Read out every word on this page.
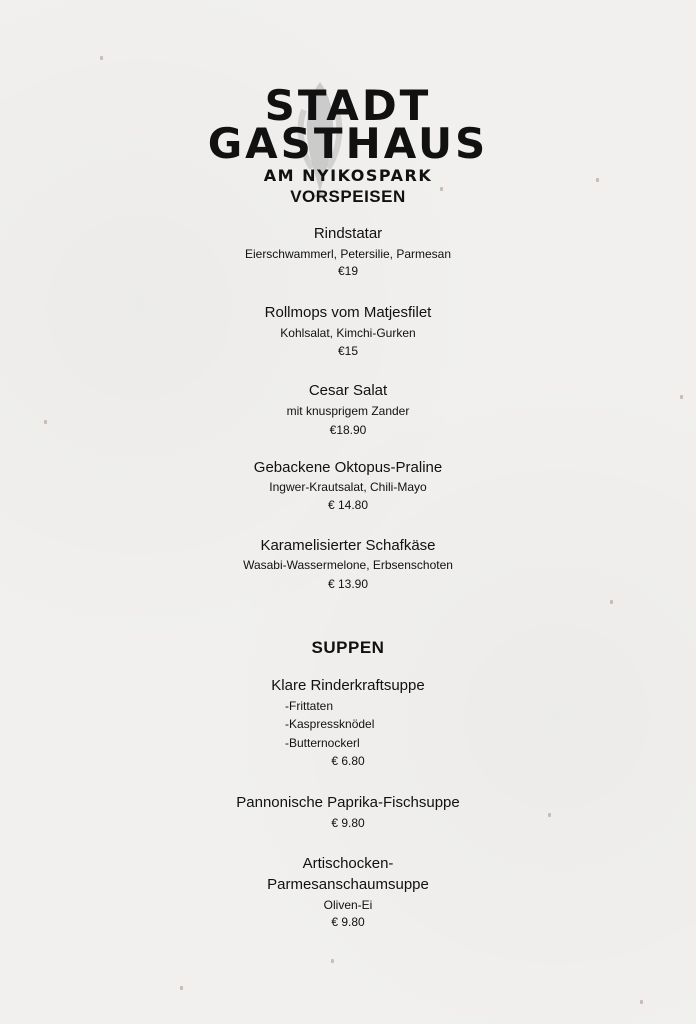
STADT
GASTHAUS
AM NYIKOSPARK
VORSPEISEN
Rindstatar
Eierschwammerl, Petersilie, Parmesan
€19
Rollmops vom Matjesfilet
Kohlsalat, Kimchi-Gurken
€15
Cesar Salat
mit knusprigem Zander
€18.90
Gebackene Oktopus-Praline
Ingwer-Krautsalat, Chili-Mayo
€ 14.80
Karamelisierter Schafkäse
Wasabi-Wassermelone, Erbsenschoten
€ 13.90
SUPPEN
Klare Rinderkraftsuppe
-Frittaten
-Kaspressknödel
-Butternockerl
€ 6.80
Pannonische Paprika-Fischsuppe
€ 9.80
Artischocken-
Parmesanschaumsuppe
Oliven-Ei
€ 9.80
